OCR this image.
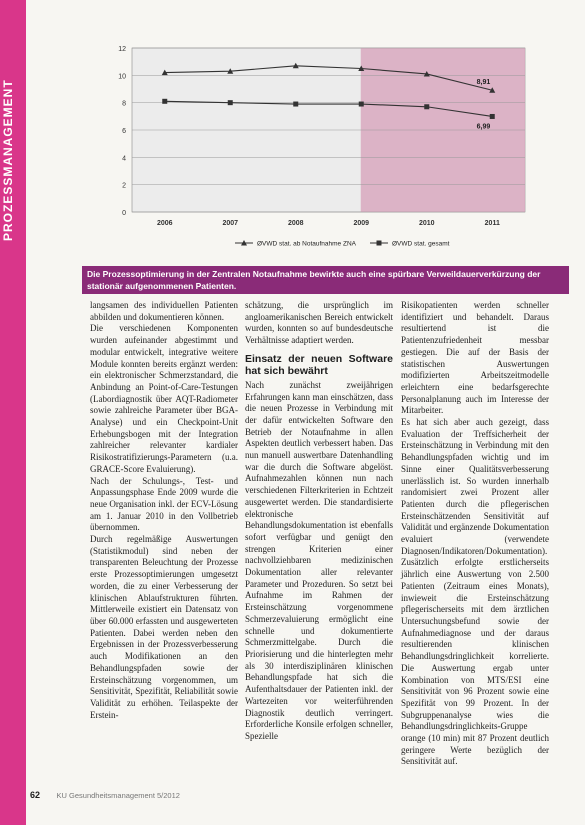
PROZESSMANAGEMENT	0
2
4
6
8
10
12
2006	2007	2008	2009	2010	2011
8,91
6,99
ØVWD stat. ab Notaufnahme ZNA	ØVWD stat. gesamt
Die Prozessoptimierung in der Zentralen Notaufnahme bewirkte auch eine spürbare Verweildauerverkürzung der stationär aufgenommenen Patienten.

langsamen des individuellen Patienten abbilden und dokumentieren können.

Die verschiedenen Komponenten wurden aufeinander abgestimmt und modular entwickelt, integrative weitere Module konnten bereits ergänzt werden: ein elektronischer Schmerzstandard, die Anbindung an Point-of-Care-Testungen (Labordiagnostik über AQT-Radiometer sowie zahlreiche Parameter über BGA-Analyse) und ein Checkpoint-Unit Erhebungsbogen mit der Integration zahlreicher relevanter kardialer Risikostratifizierungs-Parametern (u.a. GRACE-Score Evaluierung).

Nach der Schulungs-, Test- und Anpassungsphase Ende 2009 wurde die neue Organisation inkl. der ECV-Lösung am 1. Januar 2010 in den Vollbetrieb übernommen.

Durch regelmäßige Auswertungen (Statistikmodul) sind neben der transparenten Beleuchtung der Prozesse erste Prozessoptimierungen umgesetzt worden, die zu einer Verbesserung der klinischen Ablaufstrukturen führten. Mittlerweile existiert ein Datensatz von über 60.000 erfassten und ausgewerteten Patienten. Dabei werden neben den Ergebnissen in der Prozessverbesserung auch Modifikationen an den Behandlungspfaden sowie der Ersteinschätzung vorgenommen, um Sensitivität, Spezifität, Reliabilität sowie Validität zu erhöhen. Teilaspekte der Erstein-

schätzung, die ursprünglich im angloamerikanischen Bereich entwickelt wurden, konnten so auf bundesdeutsche Verhältnisse adaptiert werden.

Einsatz der neuen Software hat sich bewährt

Nach zunächst zweijährigen Erfahrungen kann man einschätzen, dass die neuen Prozesse in Verbindung mit der dafür entwickelten Software den Betrieb der Notaufnahme in allen Aspekten deutlich verbessert haben. Das nun manuell auswertbare Datenhandling war die durch die Software abgelöst. Aufnahmezahlen können nun nach verschiedenen Filterkriterien in Echtzeit ausgewertet werden. Die standardisierte elektronische Behandlungsdokumentation ist ebenfalls sofort verfügbar und genügt den strengen Kriterien einer nachvollziehbaren medizinischen Dokumentation aller relevanter Parameter und Prozeduren. So setzt bei Aufnahme im Rahmen der Ersteinschätzung vorgenommene Schmerzevaluierung ermöglicht eine schnelle und dokumentierte Schmerzmittelgabe. Durch die Priorisierung und die hinterlegten mehr als 30 interdisziplinären klinischen Behandlungspfade hat sich die Aufenthaltsdauer der Patienten inkl. der Wartezeiten vor weiterführenden Diagnostik deutlich verringert. Erforderliche Konsile erfolgen schneller, Spezielle

Risikopatienten werden schneller identifiziert und behandelt. Daraus resultiertend ist die Patientenzufriedenheit messbar gestiegen. Die auf der Basis der statistischen Auswertungen modifizierten Arbeitszeitmodelle erleichtern eine bedarfsgerechte Personalplanung auch im Interesse der Mitarbeiter.

Es hat sich aber auch gezeigt, dass Evaluation der Treffsicherheit der Ersteinschätzung in Verbindung mit den Behandlungspfaden wichtig und im Sinne einer Qualitätsverbesserung unerlässlich ist. So wurden innerhalb randomisiert zwei Prozent aller Patienten durch die pflegerischen Ersteinschätzenden Sensitivität auf Validität und ergänzende Dokumentation evaluiert (verwendete Diagnosen/Indikatoren/Dokumentation). Zusätzlich erfolgte erstlicherseits jährlich eine Auswertung von 2.500 Patienten (Zeitraum eines Monats), inwieweit die Ersteinschätzung pflegerischerseits mit dem ärztlichen Untersuchungsbefund sowie der Aufnahmediagnose und der daraus resultierenden klinischen Behandlungsdringlichkeit korrelierte. Die Auswertung ergab unter Kombination von MTS/ESI eine Sensitivität von 96 Prozent sowie eine Spezifität von 99 Prozent. In der Subgruppenanalyse wies die Behandlungsdringlichkeits-Gruppe orange (10 min) mit 87 Prozent deutlich geringere Werte bezüglich der Sensitivität auf.

62 KU Gesundheitsmanagement 5/2012
